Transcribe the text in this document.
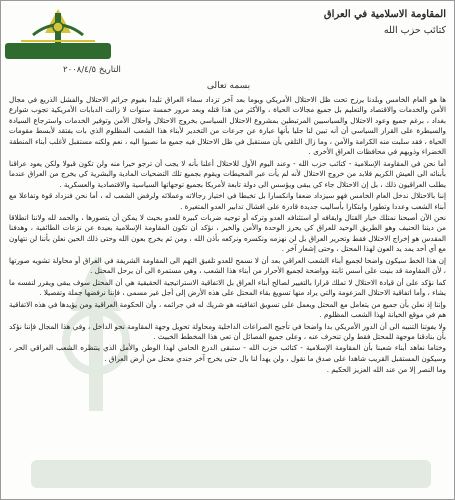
المقاومة الاسلامية في العراق
كتائب حزب الله
التاريخ ٢٠٠٨/٤/٥
بسمه تعالى

ها هو العام الخامس وبلدنا يرزح تحت ظل الاحتلال الأمريكي ويوما بعد آخر تزداد سماء العراق تلبدا بغيوم جرائم الاحتلال والفشل الذريع في مجال الأمن والخدمات والاقتصاد والتعليم بل جميع مجالات الحياة ، والأكثر من هذا قتله وبعد مرور خمسة سنوات لا زالت الدبابات الأمريكية تجوب شوارع بغداد ، برغم جميع وعود الاحتلال والسياسيين المرتبطين بمشروع الاحتلال السياسي بخروج الاحتلال واحلال الأمن وتوفير الخدمات واسترجاع السيادة والسيطرة على القرار السياسي أن أنه تبين لنا جليا بأنها عبارة عن جرعات من التخدير لأبناء هذا الشعب المظلوم الذي بات يفتقد لأبسط مقومات الحياة ، فقد سلبت منه الكرامة والأمن ، وما زال التلقي بأن مستقبل في ظل الاحتلال فيه جميع ما نصبوا اليه ، نعم ولكنه مستقبل لأغلب أبناء المنطقة الخضراء وذويهم في محافظات العراق الأخرى .

أما نحن في المقاومة الإسلامية - كتائب حزب الله - وعند اليوم الأول للاحتلال أعلنا بأنه لا يجب أن ترجو خيرا منه ولن تكون قبولا ولكن يعود عراقنا بأبنائه الى العيش الكريم فلابد من خروج الاحتلال لأنه لم يأت عبر المحيطات ويقوم بجميع تلك التضحيات المادية والبشرية كي يخرج من العراق عندما يطلب العراقيون ذلك ، بل إن الاحتلال جاء كي يبقى ويؤسس الى دولة تابعة لأمريكا بجميع توجهاتها السياسية والاقتصادية والعسكرية .

إننا بالاحتلال ندخل العام الخامس فهو سيزداد ضعفا وانكسارا بل تخبطا في اختيار رجالاته وعملائه ولرفض الشعب له ، أما نحن فنزداد قوة وتفاعلا مع أبناء الشعب وعددا وتطورا وابتكارا بأساليب جديدة قادرة على افشال تدابير العدو المتغيرة .

نحن الآن أصبحنا نمتلك خيار القتال وايقافه أو استئنافه العدو وتركه أو توجيه ضربات كبيرة للعدو بحيث لا يمكن أن يتصورها ، والحمد لله ولاننا انطلاقا من ديننا الحنيف وهو الطريق الوحيد للعراق كي يحرز الوحدة والأمن والخير ، نؤكد أن تكون المقاومة الإسلامية بعيدة عن نزعات الطائفية ، وهدفنا المقدس هو إخراج الاحتلال فقط وتحرير العراق بل لن نهزمه ونكسره ونركعه بأذن الله ، ومن ثم يخرج بعون الله وحتى ذلك الحين نعلن بأننا لن نتهاون مع أي أحد يمد يد العون لهذا المحتل ، وحتى إشعار آخر .

إن هذا الخط سيكون واضحا لجميع أبناء الشعب العراقي بعد أن لا نسمح للعدو تلفيق التهم الى المقاومة الشريفة في العراق أو محاولة تشويه صورتها ، لأن المقاومة قد بنيت على أسس ثابتة وواضحة لجميع الأحرار من أبناء هذا الشعب ، وهي مستمرة الى أن يرحل المحتل .

كما نؤكد على أن قيادة الاحتلال لا تملك قرارا بالتغيير لصالح أبناء العراق بل الاتفاقية الاستراتيجية الحقيقية هي أن المحتل سوف يبقى ويقرر لنفسه ما يشاء ، وأما اتفاقية الاحتلال المزعومة والتي يراد منها تسويغ بقاء المحتل على هذه الأرض إلى أجل غير مسمى ، فإننا نرفضها جملة وتفصيلا .

وإننا إذ نعلن بأن جميع من يتعامل مع المحتل ويعمل على تسويق اتفاقيته هو شريك له في جرائمه ، وأن الحكومة العراقية ومن يؤيدها في هذه الاتفاقية هم في موقع الخيانة لهذا الشعب المظلوم .

ولا يفوتنا التنبيه الى أن الدور الأمريكي بدا واضحا في تأجيج الصراعات الداخلية ومحاولة تحويل وجهة المقاومة نحو الداخل ، وفي هذا المجال فإننا نؤكد بأن بنادقنا موجهة للمحتل فقط ولن تنحرف عنه ، وعلى جميع الفصائل أن تعي هذا المخطط الخبيث .

وختاما نعاهد أبناء شعبنا بأن المقاومة الإسلامية - كتائب حزب الله - ستبقى الدرع الحامي لهذا الوطن والأمل الذي ينتظره الشعب العراقي الحر ، وسيكون المستقبل القريب شاهدا على صدق ما نقول ، ولن يهدأ لنا بال حتى يخرج آخر جندي محتل من أرض العراق .

وما النصر إلا من عند الله العزيز الحكيم .
